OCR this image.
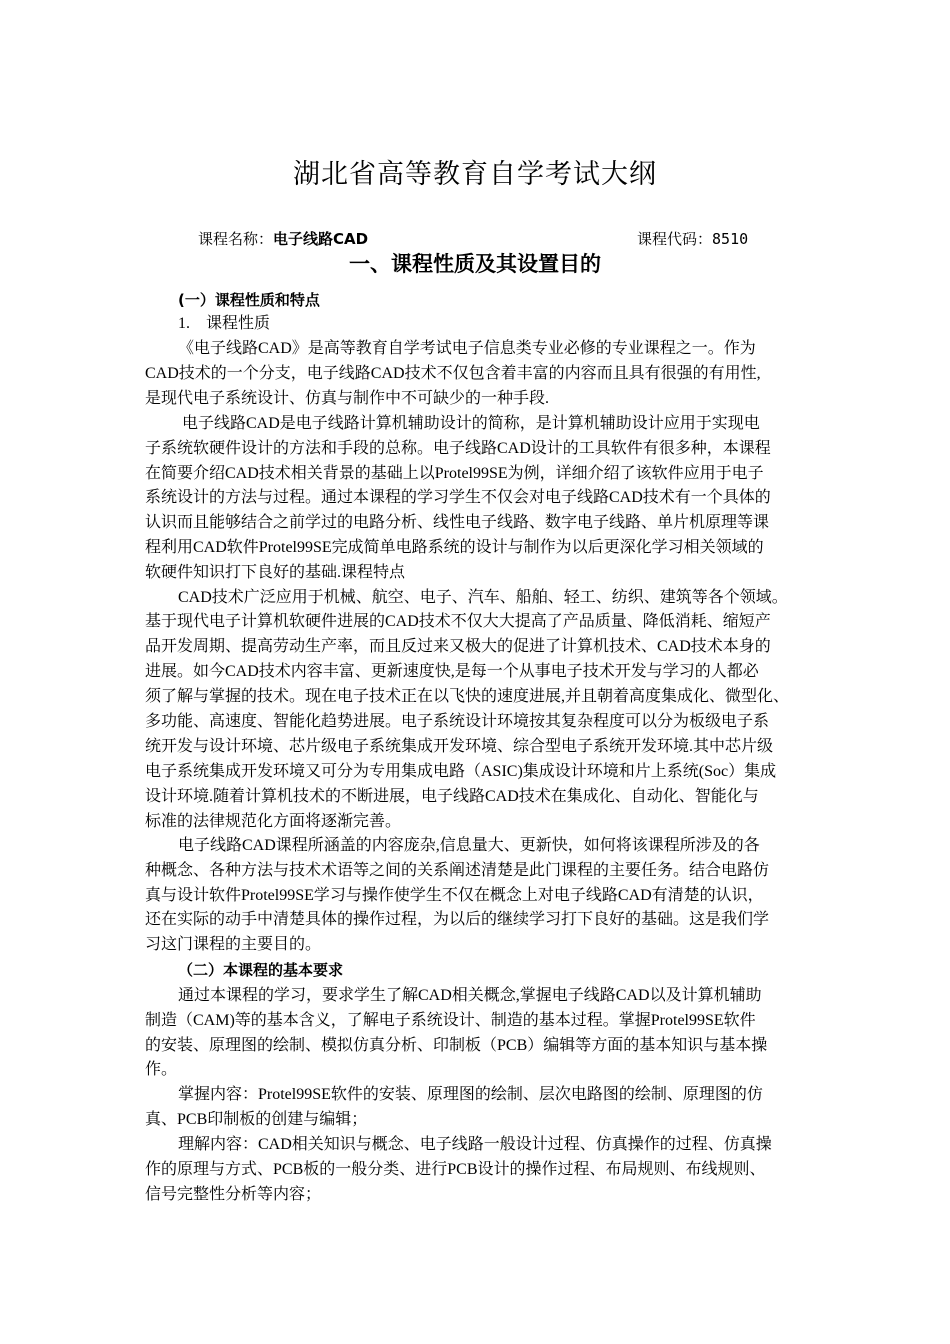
湖北省高等教育自学考试大纲
课程名称：电子线路CAD	课程代码：8510
一、课程性质及其设置目的
(一）课程性质和特点
1.　课程性质
《电子线路CAD》是高等教育自学考试电子信息类专业必修的专业课程之一。作为
CAD技术的一个分支，电子线路CAD技术不仅包含着丰富的内容而且具有很强的有用性,
是现代电子系统设计、仿真与制作中不可缺少的一种手段.
电子线路CAD是电子线路计算机辅助设计的简称，是计算机辅助设计应用于实现电
子系统软硬件设计的方法和手段的总称。电子线路CAD设计的工具软件有很多种，本课程
在简要介绍CAD技术相关背景的基础上以Protel99SE为例，详细介绍了该软件应用于电子
系统设计的方法与过程。通过本课程的学习学生不仅会对电子线路CAD技术有一个具体的
认识而且能够结合之前学过的电路分析、线性电子线路、数字电子线路、单片机原理等课
程利用CAD软件Protel99SE完成简单电路系统的设计与制作为以后更深化学习相关领域的
软硬件知识打下良好的基础.课程特点
CAD技术广泛应用于机械、航空、电子、汽车、船舶、轻工、纺织、建筑等各个领域。
基于现代电子计算机软硬件进展的CAD技术不仅大大提高了产品质量、降低消耗、缩短产
品开发周期、提高劳动生产率，而且反过来又极大的促进了计算机技术、CAD技术本身的
进展。如今CAD技术内容丰富、更新速度快,是每一个从事电子技术开发与学习的人都必
须了解与掌握的技术。现在电子技术正在以飞快的速度进展,并且朝着高度集成化、微型化、
多功能、高速度、智能化趋势进展。电子系统设计环境按其复杂程度可以分为板级电子系
统开发与设计环境、芯片级电子系统集成开发环境、综合型电子系统开发环境.其中芯片级
电子系统集成开发环境又可分为专用集成电路（ASIC)集成设计环境和片上系统(Soc）集成
设计环境.随着计算机技术的不断进展，电子线路CAD技术在集成化、自动化、智能化与
标准的法律规范化方面将逐渐完善。
电子线路CAD课程所涵盖的内容庞杂,信息量大、更新快，如何将该课程所涉及的各
种概念、各种方法与技术术语等之间的关系阐述清楚是此门课程的主要任务。结合电路仿
真与设计软件Protel99SE学习与操作使学生不仅在概念上对电子线路CAD有清楚的认识，
还在实际的动手中清楚具体的操作过程，为以后的继续学习打下良好的基础。这是我们学
习这门课程的主要目的。
（二）本课程的基本要求
通过本课程的学习，要求学生了解CAD相关概念,掌握电子线路CAD以及计算机辅助
制造（CAM)等的基本含义，了解电子系统设计、制造的基本过程。掌握Protel99SE软件
的安装、原理图的绘制、模拟仿真分析、印制板（PCB）编辑等方面的基本知识与基本操
作。
掌握内容：Protel99SE软件的安装、原理图的绘制、层次电路图的绘制、原理图的仿
真、PCB印制板的创建与编辑；
理解内容：CAD相关知识与概念、电子线路一般设计过程、仿真操作的过程、仿真操
作的原理与方式、PCB板的一般分类、进行PCB设计的操作过程、布局规则、布线规则、
信号完整性分析等内容；
